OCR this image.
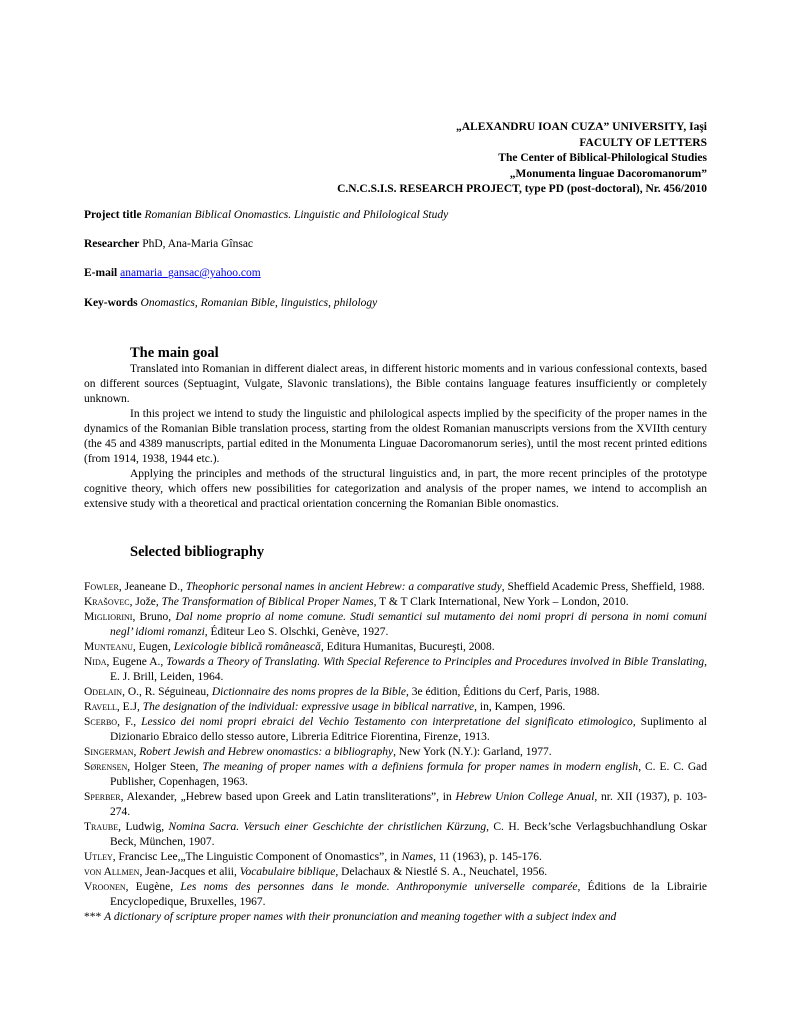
„ALEXANDRU IOAN CUZA” UNIVERSITY, Iaşi
FACULTY OF LETTERS
The Center of Biblical-Philological Studies
„Monumenta linguae Dacoromanorum”
C.N.C.S.I.S. RESEARCH PROJECT, type PD (post-doctoral), Nr. 456/2010
Project title Romanian Biblical Onomastics. Linguistic and Philological Study
Researcher PhD, Ana-Maria Gînsac
E-mail anamaria_gansac@yahoo.com
Key-words Onomastics, Romanian Bible, linguistics, philology
The main goal

Translated into Romanian in different dialect areas, in different historic moments and in various confessional contexts, based on different sources (Septuagint, Vulgate, Slavonic translations), the Bible contains language features insufficiently or completely unknown.

In this project we intend to study the linguistic and philological aspects implied by the specificity of the proper names in the dynamics of the Romanian Bible translation process, starting from the oldest Romanian manuscripts versions from the XVIIth century (the 45 and 4389 manuscripts, partial edited in the Monumenta Linguae Dacoromanorum series), until the most recent printed editions (from 1914, 1938, 1944 etc.).

Applying the principles and methods of the structural linguistics and, in part, the more recent principles of the prototype cognitive theory, which offers new possibilities for categorization and analysis of the proper names, we intend to accomplish an extensive study with a theoretical and practical orientation concerning the Romanian Bible onomastics.

Selected bibliography

Fowler, Jeaneane D., Theophoric personal names in ancient Hebrew: a comparative study, Sheffield Academic Press, Sheffield, 1988.

Krašovec, Jože, The Transformation of Biblical Proper Names, T & T Clark International, New York – London, 2010.

Migliorini, Bruno, Dal nome proprio al nome comune. Studi semantici sul mutamento dei nomi propri di persona in nomi comuni negl’ idiomi romanzi, Éditeur Leo S. Olschki, Genève, 1927.

Munteanu, Eugen, Lexicologie biblică românească, Editura Humanitas, Bucureşti, 2008.

Nida, Eugene A., Towards a Theory of Translating. With Special Reference to Principles and Procedures involved in Bible Translating, E. J. Brill, Leiden, 1964.

Odelain, O., R. Séguineau, Dictionnaire des noms propres de la Bible, 3e édition, Éditions du Cerf, Paris, 1988.

Ravell, E.J, The designation of the individual: expressive usage in biblical narrative, in, Kampen, 1996.

Scerbo, F., Lessico dei nomi propri ebraici del Vechio Testamento con interpretatione del significato etimologico, Suplimento al Dizionario Ebraico dello stesso autore, Libreria Editrice Fiorentina, Firenze, 1913.

Singerman, Robert Jewish and Hebrew onomastics: a bibliography, New York (N.Y.): Garland, 1977.

Sørensen, Holger Steen, The meaning of proper names with a definiens formula for proper names in modern english, C. E. C. Gad Publisher, Copenhagen, 1963.

Sperber, Alexander, „Hebrew based upon Greek and Latin transliterations”, in Hebrew Union College Anual, nr. XII (1937), p. 103-274.

Traube, Ludwig, Nomina Sacra. Versuch einer Geschichte der christlichen Kürzung, C. H. Beck’sche Verlagsbuchhandlung Oskar Beck, München, 1907.

Utley, Francisc Lee,„The Linguistic Component of Onomastics”, in Names, 11 (1963), p. 145-176.

von Allmen, Jean-Jacques et alii, Vocabulaire biblique, Delachaux & Niestlé S. A., Neuchatel, 1956.

Vroonen, Eugène, Les noms des personnes dans le monde. Anthroponymie universelle comparée, Éditions de la Librairie Encyclopedique, Bruxelles, 1967.

*** A dictionary of scripture proper names with their pronunciation and meaning together with a subject index and
